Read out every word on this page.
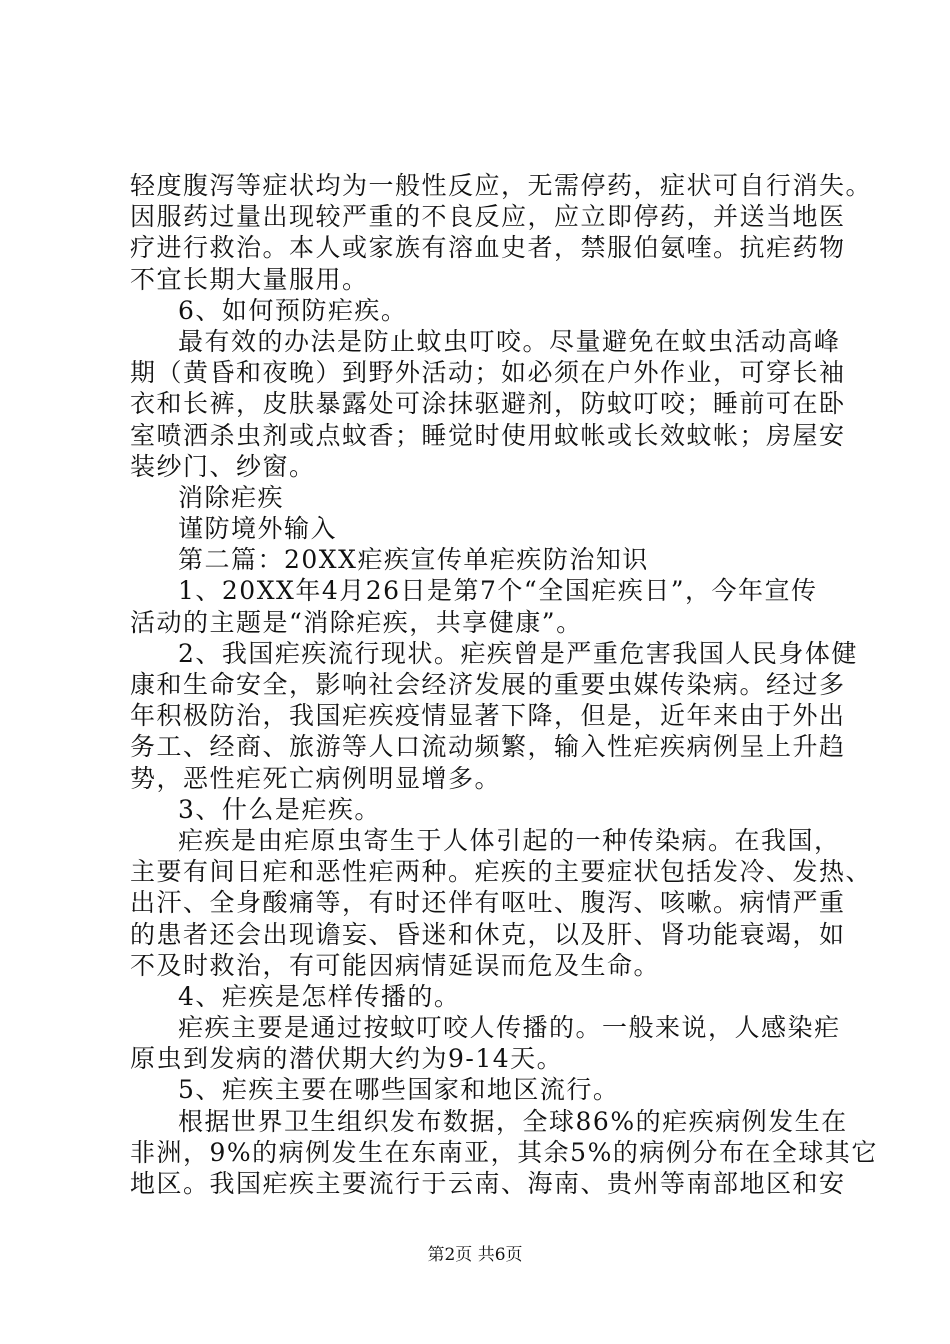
轻度腹泻等症状均为一般性反应，无需停药，症状可自行消失。
因服药过量出现较严重的不良反应，应立即停药，并送当地医
疗进行救治。本人或家族有溶血史者，禁服伯氨喹。抗疟药物
不宜长期大量服用。
6、如何预防疟疾。
最有效的办法是防止蚊虫叮咬。尽量避免在蚊虫活动高峰
期（黄昏和夜晚）到野外活动；如必须在户外作业，可穿长袖
衣和长裤，皮肤暴露处可涂抹驱避剂，防蚊叮咬；睡前可在卧
室喷洒杀虫剂或点蚊香；睡觉时使用蚊帐或长效蚊帐；房屋安
装纱门、纱窗。
消除疟疾
谨防境外输入
第二篇：20XX疟疾宣传单疟疾防治知识
1、20XX年4月26日是第7个“全国疟疾日”，今年宣传
活动的主题是“消除疟疾，共享健康”。
2、我国疟疾流行现状。疟疾曾是严重危害我国人民身体健
康和生命安全，影响社会经济发展的重要虫媒传染病。经过多
年积极防治，我国疟疾疫情显著下降，但是，近年来由于外出
务工、经商、旅游等人口流动频繁，输入性疟疾病例呈上升趋
势，恶性疟死亡病例明显增多。
3、什么是疟疾。
疟疾是由疟原虫寄生于人体引起的一种传染病。在我国，
主要有间日疟和恶性疟两种。疟疾的主要症状包括发冷、发热、
出汗、全身酸痛等，有时还伴有呕吐、腹泻、咳嗽。病情严重
的患者还会出现谵妄、昏迷和休克，以及肝、肾功能衰竭，如
不及时救治，有可能因病情延误而危及生命。
4、疟疾是怎样传播的。
疟疾主要是通过按蚊叮咬人传播的。一般来说，人感染疟
原虫到发病的潜伏期大约为9-14天。
5、疟疾主要在哪些国家和地区流行。
根据世界卫生组织发布数据，全球86%的疟疾病例发生在
非洲，9%的病例发生在东南亚，其余5%的病例分布在全球其它
地区。我国疟疾主要流行于云南、海南、贵州等南部地区和安
第2页 共6页
